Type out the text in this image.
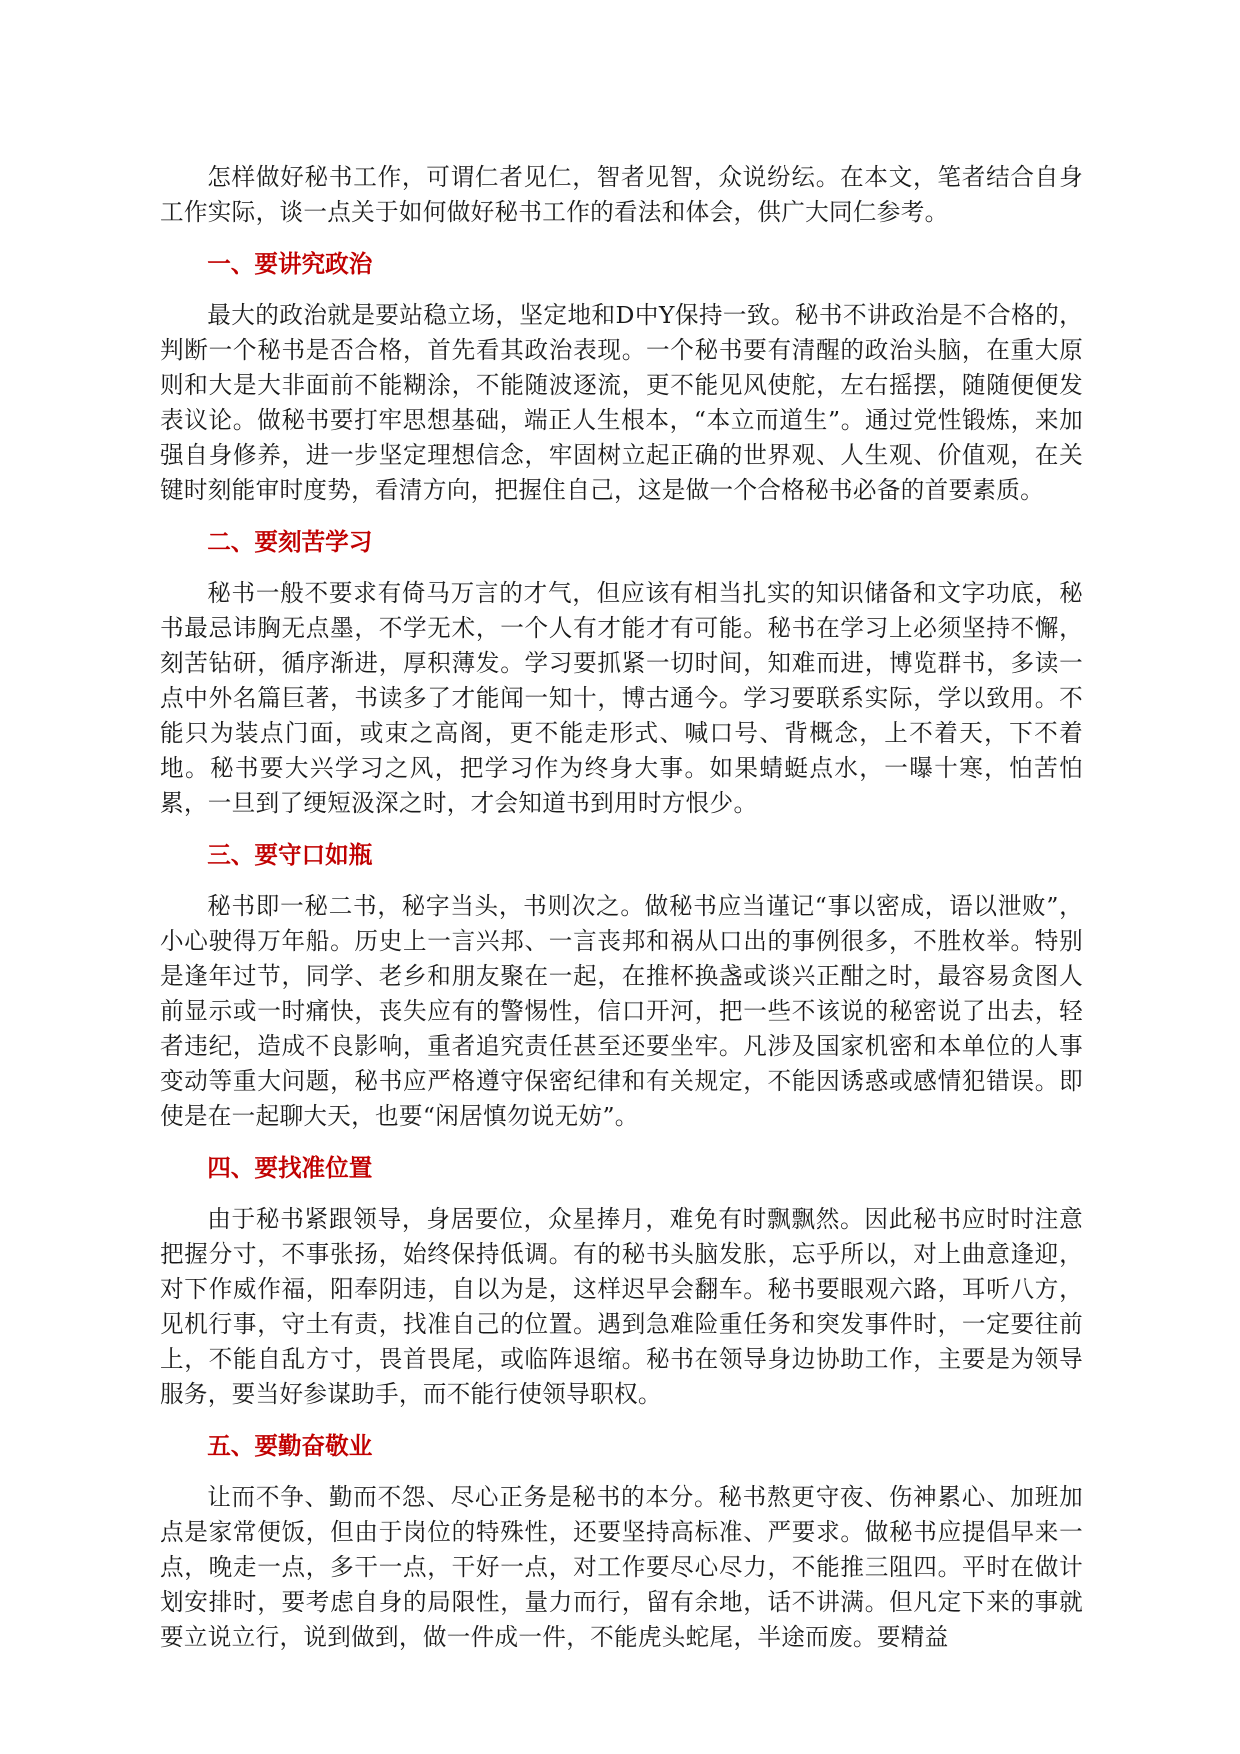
怎样做好秘书工作，可谓仁者见仁，智者见智，众说纷纭。在本文，笔者结合自身工作实际，谈一点关于如何做好秘书工作的看法和体会，供广大同仁参考。

一、要讲究政治

最大的政治就是要站稳立场，坚定地和D中Y保持一致。秘书不讲政治是不合格的，判断一个秘书是否合格，首先看其政治表现。一个秘书要有清醒的政治头脑，在重大原则和大是大非面前不能糊涂，不能随波逐流，更不能见风使舵，左右摇摆，随随便便发表议论。做秘书要打牢思想基础，端正人生根本，“本立而道生”。通过党性锻炼，来加强自身修养，进一步坚定理想信念，牢固树立起正确的世界观、人生观、价值观，在关键时刻能审时度势，看清方向，把握住自己，这是做一个合格秘书必备的首要素质。

二、要刻苦学习

秘书一般不要求有倚马万言的才气，但应该有相当扎实的知识储备和文字功底，秘书最忌讳胸无点墨，不学无术，一个人有才能才有可能。秘书在学习上必须坚持不懈，刻苦钻研，循序渐进，厚积薄发。学习要抓紧一切时间，知难而进，博览群书，多读一点中外名篇巨著，书读多了才能闻一知十，博古通今。学习要联系实际，学以致用。不能只为装点门面，或束之高阁，更不能走形式、喊口号、背概念，上不着天，下不着地。秘书要大兴学习之风，把学习作为终身大事。如果蜻蜓点水，一曝十寒，怕苦怕累，一旦到了绠短汲深之时，才会知道书到用时方恨少。

三、要守口如瓶

秘书即一秘二书，秘字当头，书则次之。做秘书应当谨记“事以密成，语以泄败”，小心驶得万年船。历史上一言兴邦、一言丧邦和祸从口出的事例很多，不胜枚举。特别是逢年过节，同学、老乡和朋友聚在一起，在推杯换盏或谈兴正酣之时，最容易贪图人前显示或一时痛快，丧失应有的警惕性，信口开河，把一些不该说的秘密说了出去，轻者违纪，造成不良影响，重者追究责任甚至还要坐牢。凡涉及国家机密和本单位的人事变动等重大问题，秘书应严格遵守保密纪律和有关规定，不能因诱惑或感情犯错误。即使是在一起聊大天，也要“闲居慎勿说无妨”。

四、要找准位置

由于秘书紧跟领导，身居要位，众星捧月，难免有时飘飘然。因此秘书应时时注意把握分寸，不事张扬，始终保持低调。有的秘书头脑发胀，忘乎所以，对上曲意逢迎，对下作威作福，阳奉阴违，自以为是，这样迟早会翻车。秘书要眼观六路，耳听八方，见机行事，守土有责，找准自己的位置。遇到急难险重任务和突发事件时，一定要往前上，不能自乱方寸，畏首畏尾，或临阵退缩。秘书在领导身边协助工作，主要是为领导服务，要当好参谋助手，而不能行使领导职权。

五、要勤奋敬业

让而不争、勤而不怨、尽心正务是秘书的本分。秘书熬更守夜、伤神累心、加班加点是家常便饭，但由于岗位的特殊性，还要坚持高标准、严要求。做秘书应提倡早来一点，晚走一点，多干一点，干好一点，对工作要尽心尽力，不能推三阻四。平时在做计划安排时，要考虑自身的局限性，量力而行，留有余地，话不讲满。但凡定下来的事就要立说立行，说到做到，做一件成一件，不能虎头蛇尾，半途而废。要精益
